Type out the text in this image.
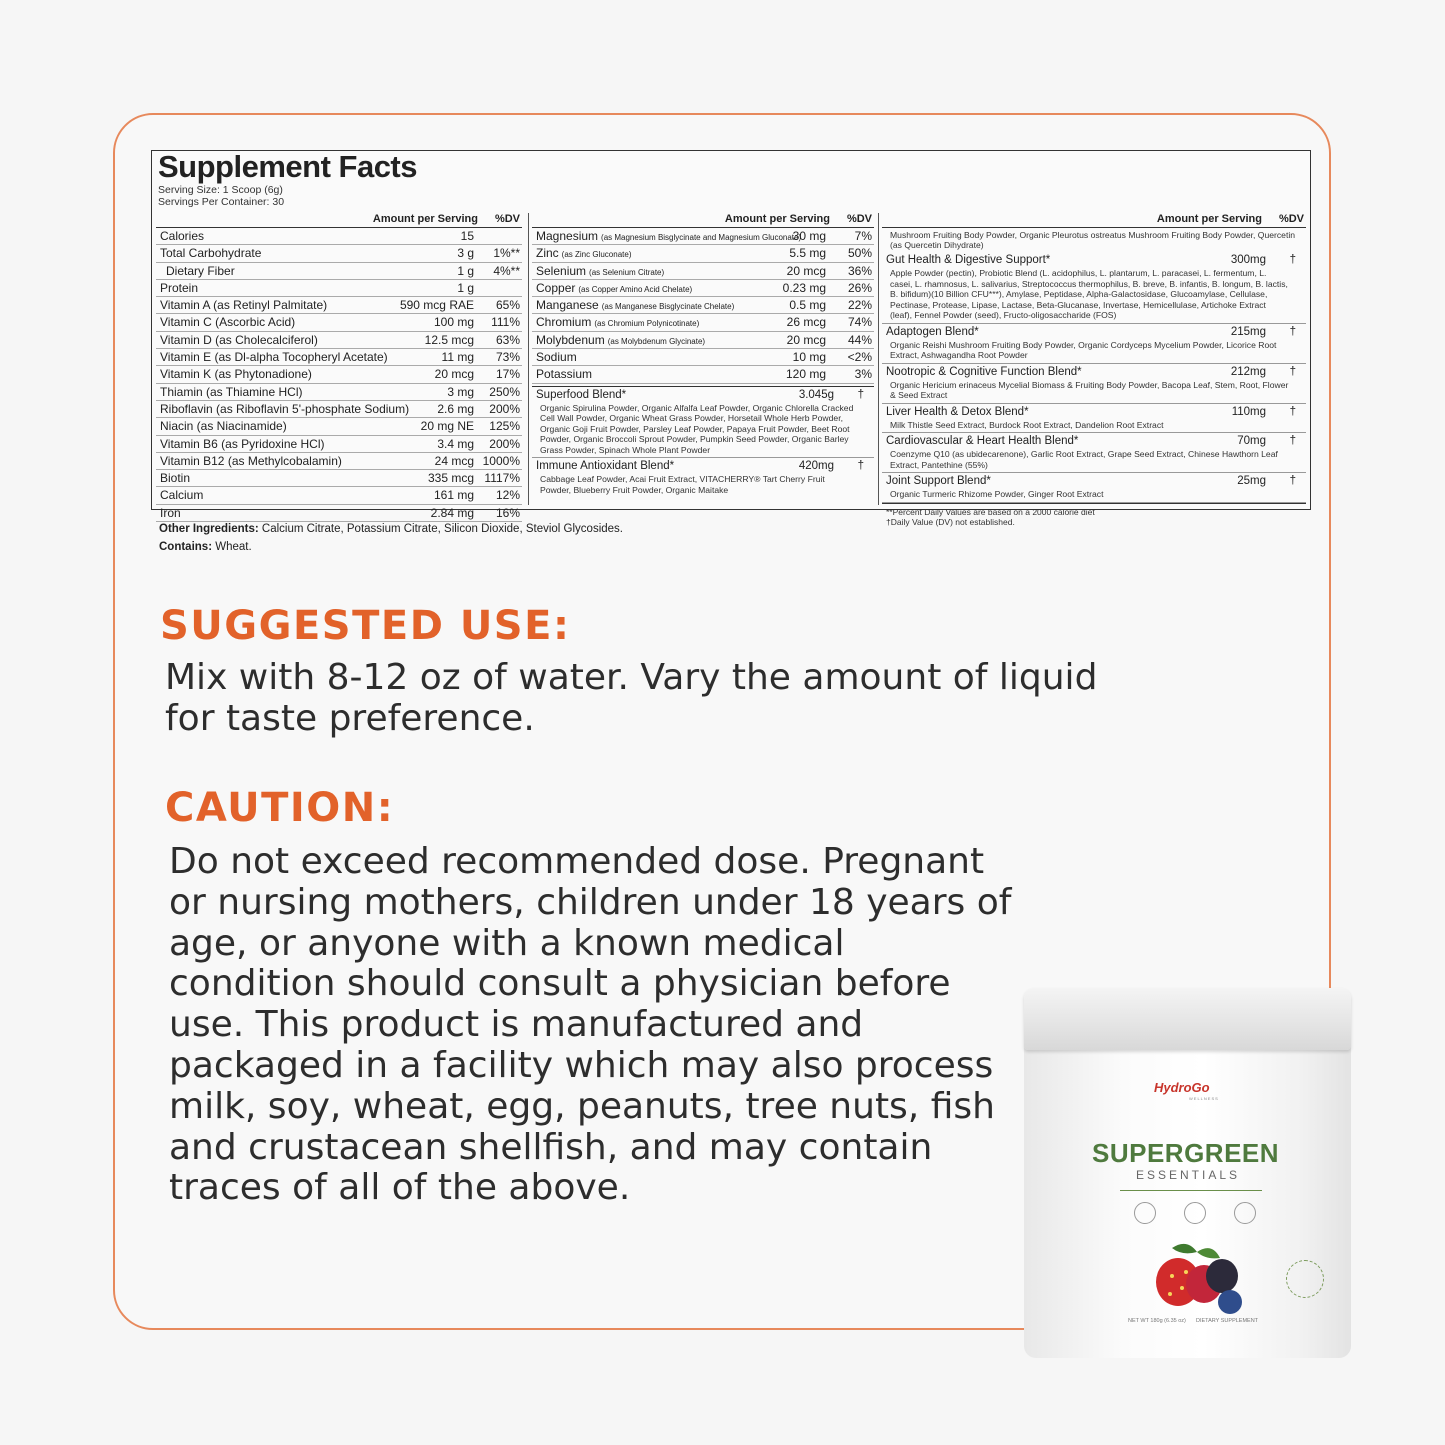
Supplement Facts
Serving Size: 1 Scoop (6g)
Servings Per Container: 30
Amount per Serving %DV
Calories	15
Total Carbohydrate	3 g 1%**
Dietary Fiber	1 g 4%**
Protein	1 g
Vitamin A (as Retinyl Palmitate)	590 mcg RAE 65%
Vitamin C (Ascorbic Acid)	100 mg 111%
Vitamin D (as Cholecalciferol)	12.5 mcg 63%
Vitamin E (as Dl-alpha Tocopheryl Acetate)	11 mg 73%
Vitamin K (as Phytonadione)	20 mcg 17%
Thiamin (as Thiamine HCl)	3 mg 250%
Riboflavin (as Riboflavin 5'-phosphate Sodium) 2.6 mg 200%
Niacin (as Niacinamide)	20 mg NE 125%
Vitamin B6 (as Pyridoxine HCl)	3.4 mg 200%
Vitamin B12 (as Methylcobalamin)	24 mcg 1000%
Biotin	335 mcg 1117%
Calcium	161 mg 12%
Iron	2.84 mg 16%
Amount per Serving %DV
Magnesium (as Magnesium Bisglycinate and Magnesium Gluconate)
30 mg 7%
Zinc (as Zinc Gluconate)	5.5 mg 50%
Selenium (as Selenium Citrate)	20 mcg 36%
Copper (as Copper Amino Acid Chelate)	0.23 mg 26%
Manganese (as Manganese Bisglycinate Chelate)	0.5 mg 22%
Chromium (as Chromium Polynicotinate)	26 mcg 74%
Molybdenum (as Molybdenum Glycinate)	20 mcg 44%
Sodium	10 mg <2%
Potassium	120 mg 3%
Superfood Blend*	3.045g †
Organic Spirulina Powder, Organic Alfalfa Leaf Powder, Organic Chlorella Cracked Cell Wall Powder, Organic Wheat Grass Powder, Horsetail Whole Herb Powder, Organic Goji Fruit Powder, Parsley Leaf Powder, Papaya Fruit Powder, Beet Root Powder, Organic Broccoli Sprout Powder, Pumpkin Seed Powder, Organic Barley Grass Powder, Spinach Whole Plant Powder
Immune Antioxidant Blend*	420mg †
Cabbage Leaf Powder, Acai Fruit Extract, VITACHERRY® Tart Cherry Fruit Powder, Blueberry Fruit Powder, Organic Maitake
Amount per Serving %DV
Mushroom Fruiting Body Powder, Organic Pleurotus ostreatus Mushroom Fruiting Body Powder, Quercetin (as Quercetin Dihydrate)
Gut Health & Digestive Support*	300mg †
Apple Powder (pectin), Probiotic Blend (L. acidophilus, L. plantarum, L. paracasei, L. fermentum, L. casei, L. rhamnosus, L. salivarius, Streptococcus thermophilus, B. breve, B. infantis, B. longum, B. lactis, B. bifidum)(10 Billion CFU***), Amylase, Peptidase, Alpha-Galactosidase, Glucoamylase, Cellulase, Pectinase, Protease, Lipase, Lactase, Beta-Glucanase, Invertase, Hemicellulase, Artichoke Extract (leaf), Fennel Powder (seed), Fructo-oligosaccharide (FOS)
Adaptogen Blend*	215mg †
Organic Reishi Mushroom Fruiting Body Powder, Organic Cordyceps Mycelium Powder, Licorice Root Extract, Ashwagandha Root Powder
Nootropic & Cognitive Function Blend*	212mg †
Organic Hericium erinaceus Mycelial Biomass & Fruiting Body Powder, Bacopa Leaf, Stem, Root, Flower & Seed Extract
Liver Health & Detox Blend*	110mg †
Milk Thistle Seed Extract, Burdock Root Extract, Dandelion Root Extract
Cardiovascular & Heart Health Blend*	70mg †
Coenzyme Q10 (as ubidecarenone), Garlic Root Extract, Grape Seed Extract, Chinese Hawthorn Leaf Extract, Pantethine (55%)
Joint Support Blend*	25mg †
Organic Turmeric Rhizome Powder, Ginger Root Extract
**Percent Daily Values are based on a 2000 calorie diet
†Daily Value (DV) not established.
Other Ingredients: Calcium Citrate, Potassium Citrate, Silicon Dioxide, Steviol Glycosides.
Contains: Wheat.
SUGGESTED USE:
Mix with 8-12 oz of water. Vary the amount of liquid for taste preference.
CAUTION:
Do not exceed recommended dose. Pregnant or nursing mothers, children under 18 years of age, or anyone with a known medical condition should consult a physician before use. This product is manufactured and packaged in a facility which may also process milk, soy, wheat, egg, peanuts, tree nuts, fish and crustacean shellfish, and may contain traces of all of the above.
HydroGo
WELLNESS
SUPERGREEN
ESSENTIALS
NET WT 180g (6.35 oz) DIETARY SUPPLEMENT
